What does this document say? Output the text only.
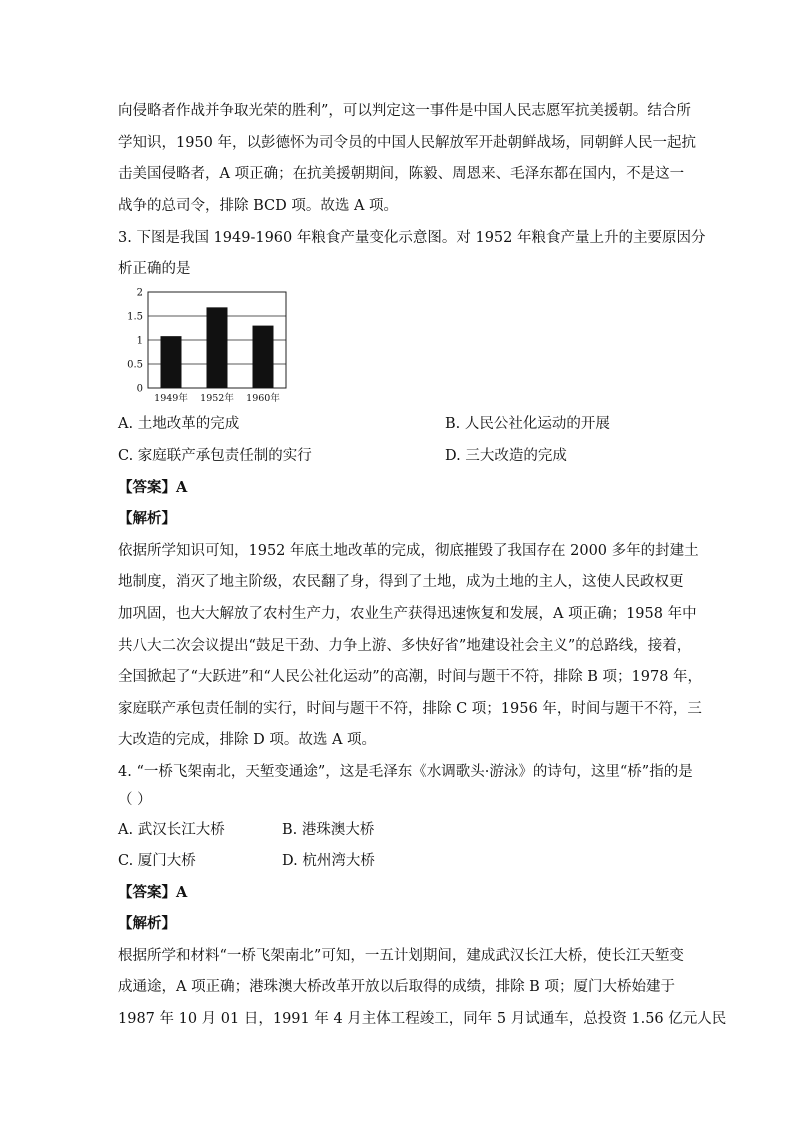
向侵略者作战并争取光荣的胜利”，可以判定这一事件是中国人民志愿军抗美援朝。结合所
学知识，1950 年，以彭德怀为司令员的中国人民解放军开赴朝鲜战场，同朝鲜人民一起抗
击美国侵略者，A 项正确；在抗美援朝期间，陈毅、周恩来、毛泽东都在国内，不是这一
战争的总司令，排除 BCD 项。故选 A 项。
3. 下图是我国 1949-1960 年粮食产量变化示意图。对 1952 年粮食产量上升的主要原因分
析正确的是
0
0.5
1
1.5
2
1949年 1952年 1960年
A. 土地改革的完成	B. 人民公社化运动的开展
C. 家庭联产承包责任制的实行	D. 三大改造的完成
【答案】A
【解析】
依据所学知识可知，1952 年底土地改革的完成，彻底摧毁了我国存在 2000 多年的封建土
地制度，消灭了地主阶级，农民翻了身，得到了土地，成为土地的主人，这使人民政权更
加巩固，也大大解放了农村生产力，农业生产获得迅速恢复和发展，A 项正确；1958 年中
共八大二次会议提出“鼓足干劲、力争上游、多快好省”地建设社会主义”的总路线，接着，
全国掀起了“大跃进”和“人民公社化运动”的高潮，时间与题干不符，排除 B 项；1978 年，
家庭联产承包责任制的实行，时间与题干不符，排除 C 项；1956 年，时间与题干不符，三
大改造的完成，排除 D 项。故选 A 项。
4. “一桥飞架南北，天堑变通途”，这是毛泽东《水调歌头·游泳》的诗句，这里“桥”指的是
（ ）
A. 武汉长江大桥	B. 港珠澳大桥
C. 厦门大桥	D. 杭州湾大桥
【答案】A
【解析】
根据所学和材料“一桥飞架南北”可知，一五计划期间，建成武汉长江大桥，使长江天堑变
成通途，A 项正确；港珠澳大桥改革开放以后取得的成绩，排除 B 项；厦门大桥始建于
1987 年 10 月 01 日，1991 年 4 月主体工程竣工，同年 5 月试通车，总投资 1.56 亿元人民
